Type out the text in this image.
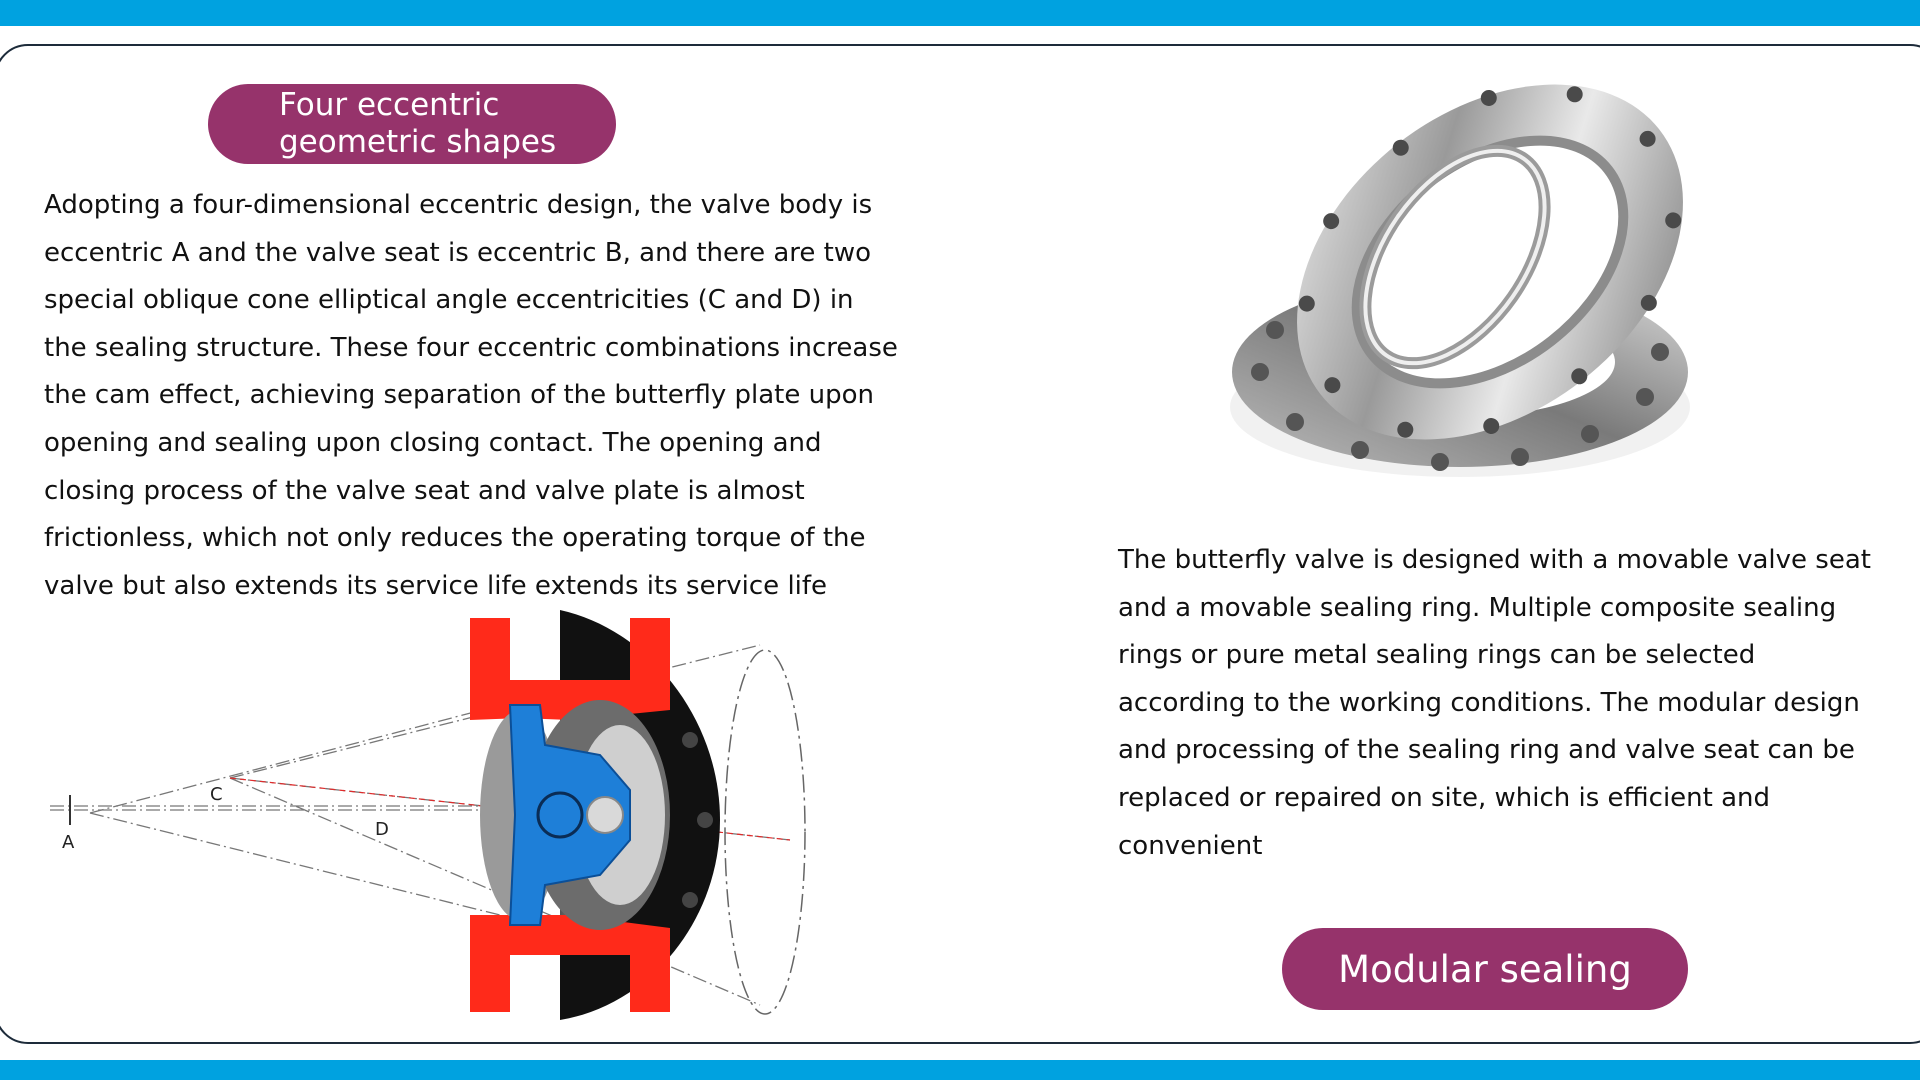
Four eccentric geometric shapes

Adopting a four-dimensional eccentric design, the valve body is eccentric A and the valve seat is eccentric B, and there are two special oblique cone elliptical angle eccentricities (C and D) in the sealing structure. These four eccentric combinations increase the cam effect, achieving separation of the butterfly plate upon opening and sealing upon closing contact. The opening and closing process of the valve seat and valve plate is almost frictionless, which not only reduces the operating torque of the valve but also extends its service life extends its service life

A
C
D

The butterfly valve is designed with a movable valve seat and a movable sealing ring. Multiple composite sealing rings or pure metal sealing rings can be selected according to the working conditions. The modular design and processing of the sealing ring and valve seat can be replaced or repaired on site, which is efficient and convenient

Modular sealing
